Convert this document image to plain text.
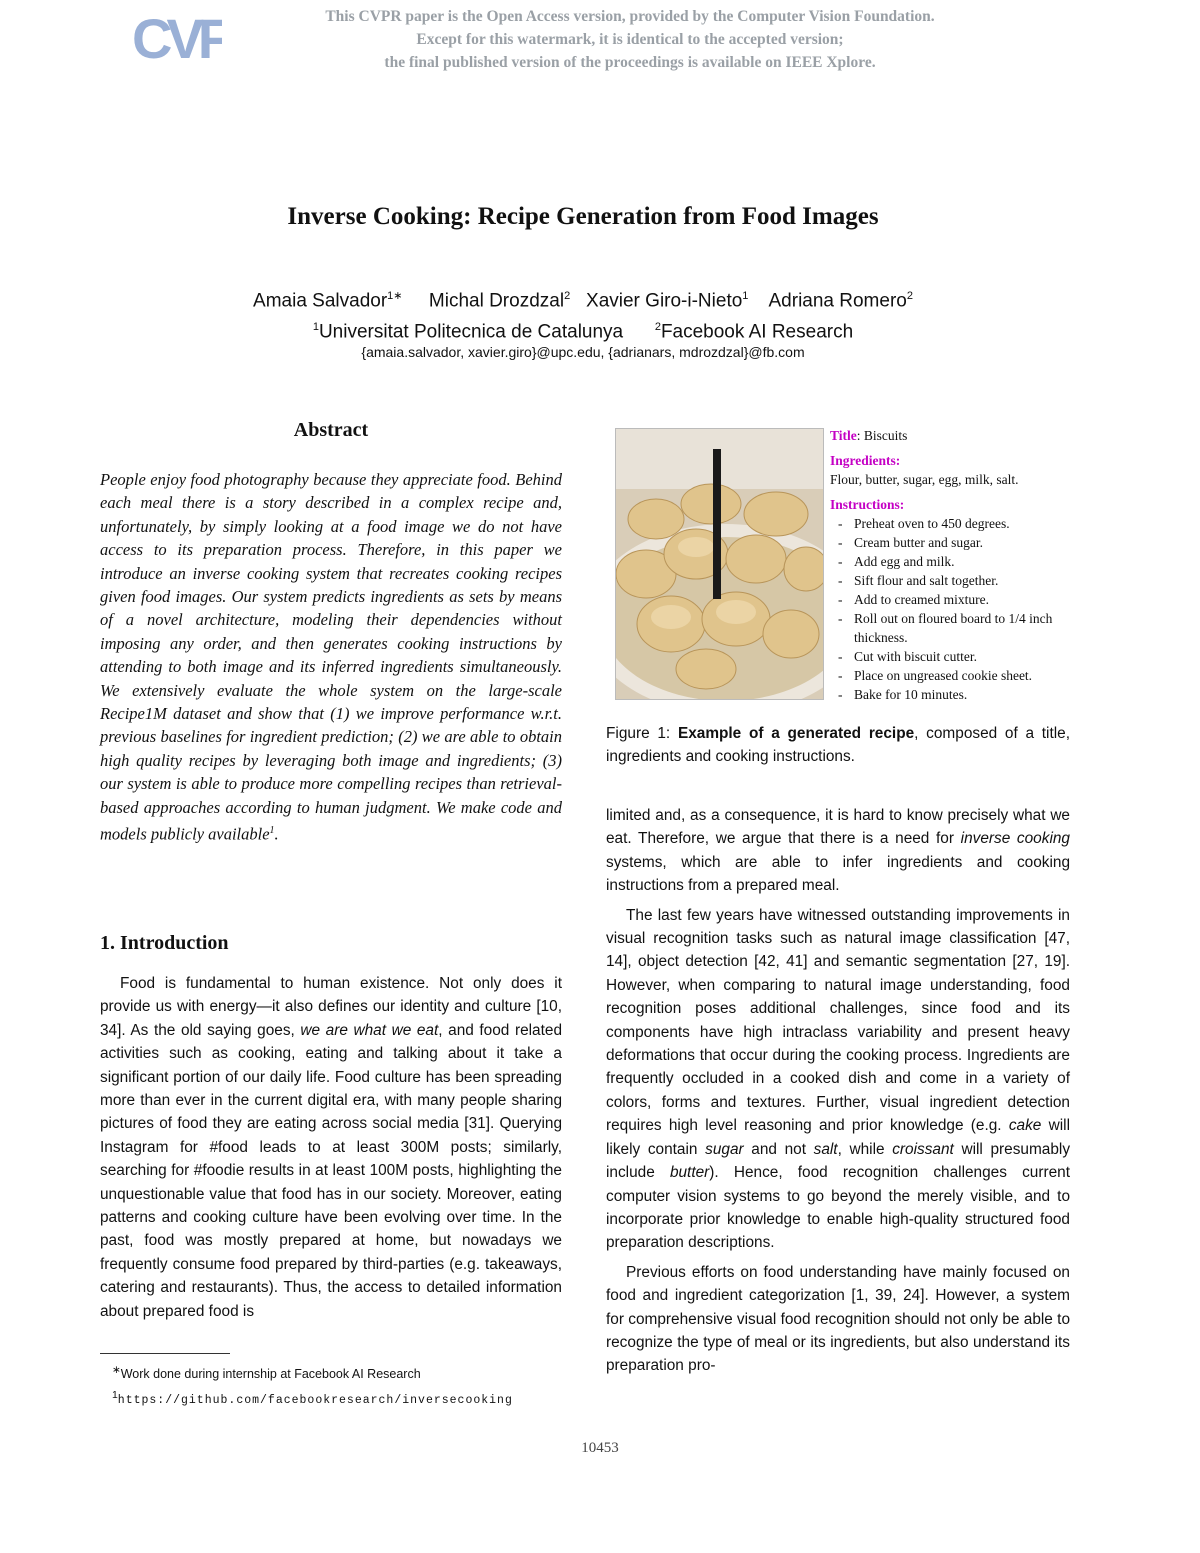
CVF	This CVPR paper is the Open Access version, provided by the Computer Vision Foundation.
Except for this watermark, it is identical to the accepted version;
the final published version of the proceedings is available on IEEE Xplore.
Inverse Cooking: Recipe Generation from Food Images
Amaia Salvador$^{1∗}$ Michal Drozdzal$^2$ Xavier Giro-i-Nieto$^1$ Adriana Romero$^2$
$^1$Universitat Politecnica de Catalunya	$^2$Facebook AI Research
{amaia.salvador, xavier.giro}@upc.edu, {adrianars, mdrozdzal}@fb.com
Abstract
People enjoy food photography because they appreciate food. Behind each meal there is a story described in a complex recipe and, unfortunately, by simply looking at a food image we do not have access to its preparation process. Therefore, in this paper we introduce an inverse cooking system that recreates cooking recipes given food images. Our system predicts ingredients as sets by means of a novel architecture, modeling their dependencies without imposing any order, and then generates cooking instructions by attending to both image and its inferred ingredients simultaneously. We extensively evaluate the whole system on the large-scale Recipe1M dataset and show that (1) we improve performance w.r.t. previous baselines for ingredient prediction; (2) we are able to obtain high quality recipes by leveraging both image and ingredients; (3) our system is able to produce more compelling recipes than retrieval-based approaches according to human judgment. We make code and models publicly available$^1$.
1. Introduction

Food is fundamental to human existence. Not only does it provide us with energy—it also defines our identity and culture [10, 34]. As the old saying goes, we are what we eat, and food related activities such as cooking, eating and talking about it take a significant portion of our daily life. Food culture has been spreading more than ever in the current digital era, with many people sharing pictures of food they are eating across social media [31]. Querying Instagram for #food leads to at least 300M posts; similarly, searching for #foodie results in at least 100M posts, highlighting the unquestionable value that food has in our society. Moreover, eating patterns and cooking culture have been evolving over time. In the past, food was mostly prepared at home, but nowadays we frequently consume food prepared by third-parties (e.g. takeaways, catering and restaurants). Thus, the access to detailed information about prepared food is

∗Work done during internship at Facebook AI Research
$^1$https://github.com/facebookresearch/inversecooking
Title: Biscuits
Ingredients:
Flour, butter, sugar, egg, milk, salt.
Instructions:
- Preheat oven to 450 degrees.
- Cream butter and sugar.
- Add egg and milk.
- Sift flour and salt together.
- Add to creamed mixture.
- Roll out on floured board to 1/4 inch thickness.
- Cut with biscuit cutter.
- Place on ungreased cookie sheet.
- Bake for 10 minutes.
Figure 1: Example of a generated recipe, composed of a title, ingredients and cooking instructions.

limited and, as a consequence, it is hard to know precisely what we eat. Therefore, we argue that there is a need for inverse cooking systems, which are able to infer ingredients and cooking instructions from a prepared meal.

The last few years have witnessed outstanding improvements in visual recognition tasks such as natural image classification [47, 14], object detection [42, 41] and semantic segmentation [27, 19]. However, when comparing to natural image understanding, food recognition poses additional challenges, since food and its components have high intraclass variability and present heavy deformations that occur during the cooking process. Ingredients are frequently occluded in a cooked dish and come in a variety of colors, forms and textures. Further, visual ingredient detection requires high level reasoning and prior knowledge (e.g. cake will likely contain sugar and not salt, while croissant will presumably include butter). Hence, food recognition challenges current computer vision systems to go beyond the merely visible, and to incorporate prior knowledge to enable high-quality structured food preparation descriptions.

Previous efforts on food understanding have mainly focused on food and ingredient categorization [1, 39, 24]. However, a system for comprehensive visual food recognition should not only be able to recognize the type of meal or its ingredients, but also understand its preparation pro-

10453
